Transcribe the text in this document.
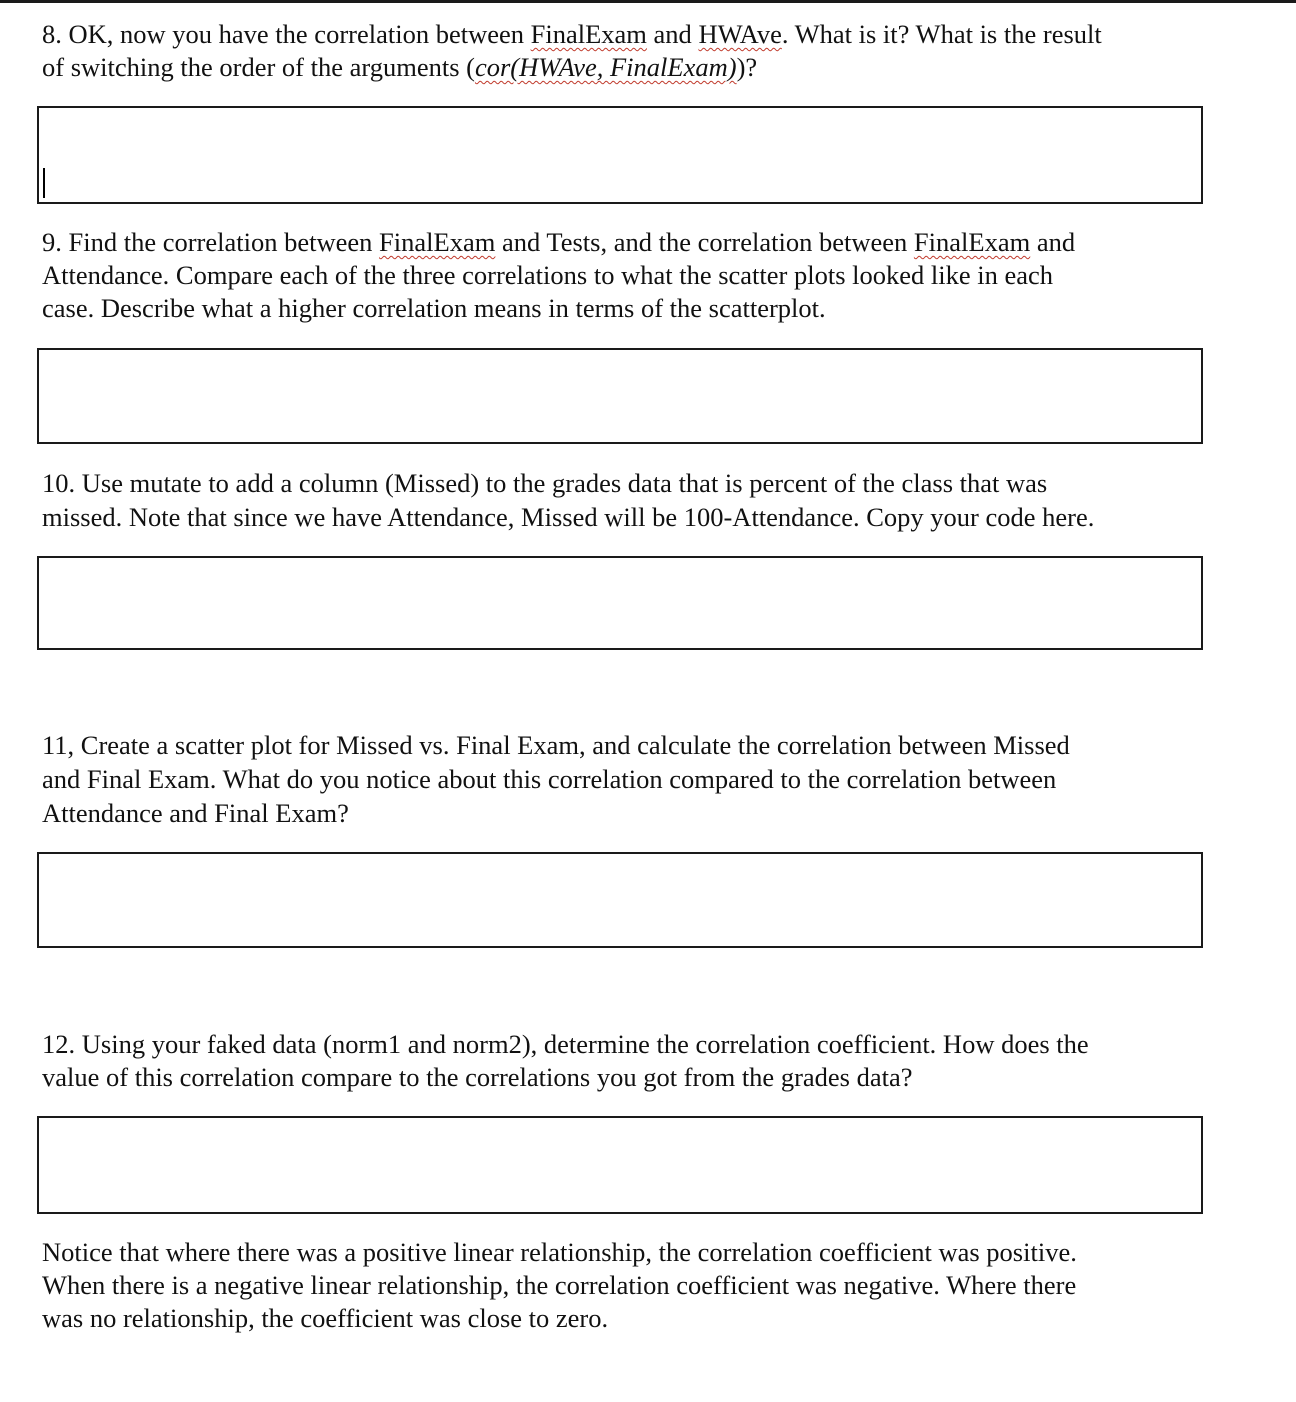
8. OK, now you have the correlation between FinalExam and HWAve. What is it? What is the result
of switching the order of the arguments (cor(HWAve, FinalExam))?

9. Find the correlation between FinalExam and Tests, and the correlation between FinalExam and
Attendance. Compare each of the three correlations to what the scatter plots looked like in each
case. Describe what a higher correlation means in terms of the scatterplot.

10. Use mutate to add a column (Missed) to the grades data that is percent of the class that was
missed. Note that since we have Attendance, Missed will be 100-Attendance. Copy your code here.

11, Create a scatter plot for Missed vs. Final Exam, and calculate the correlation between Missed
and Final Exam. What do you notice about this correlation compared to the correlation between
Attendance and Final Exam?

12. Using your faked data (norm1 and norm2), determine the correlation coefficient. How does the
value of this correlation compare to the correlations you got from the grades data?

Notice that where there was a positive linear relationship, the correlation coefficient was positive.
When there is a negative linear relationship, the correlation coefficient was negative. Where there
was no relationship, the coefficient was close to zero.
